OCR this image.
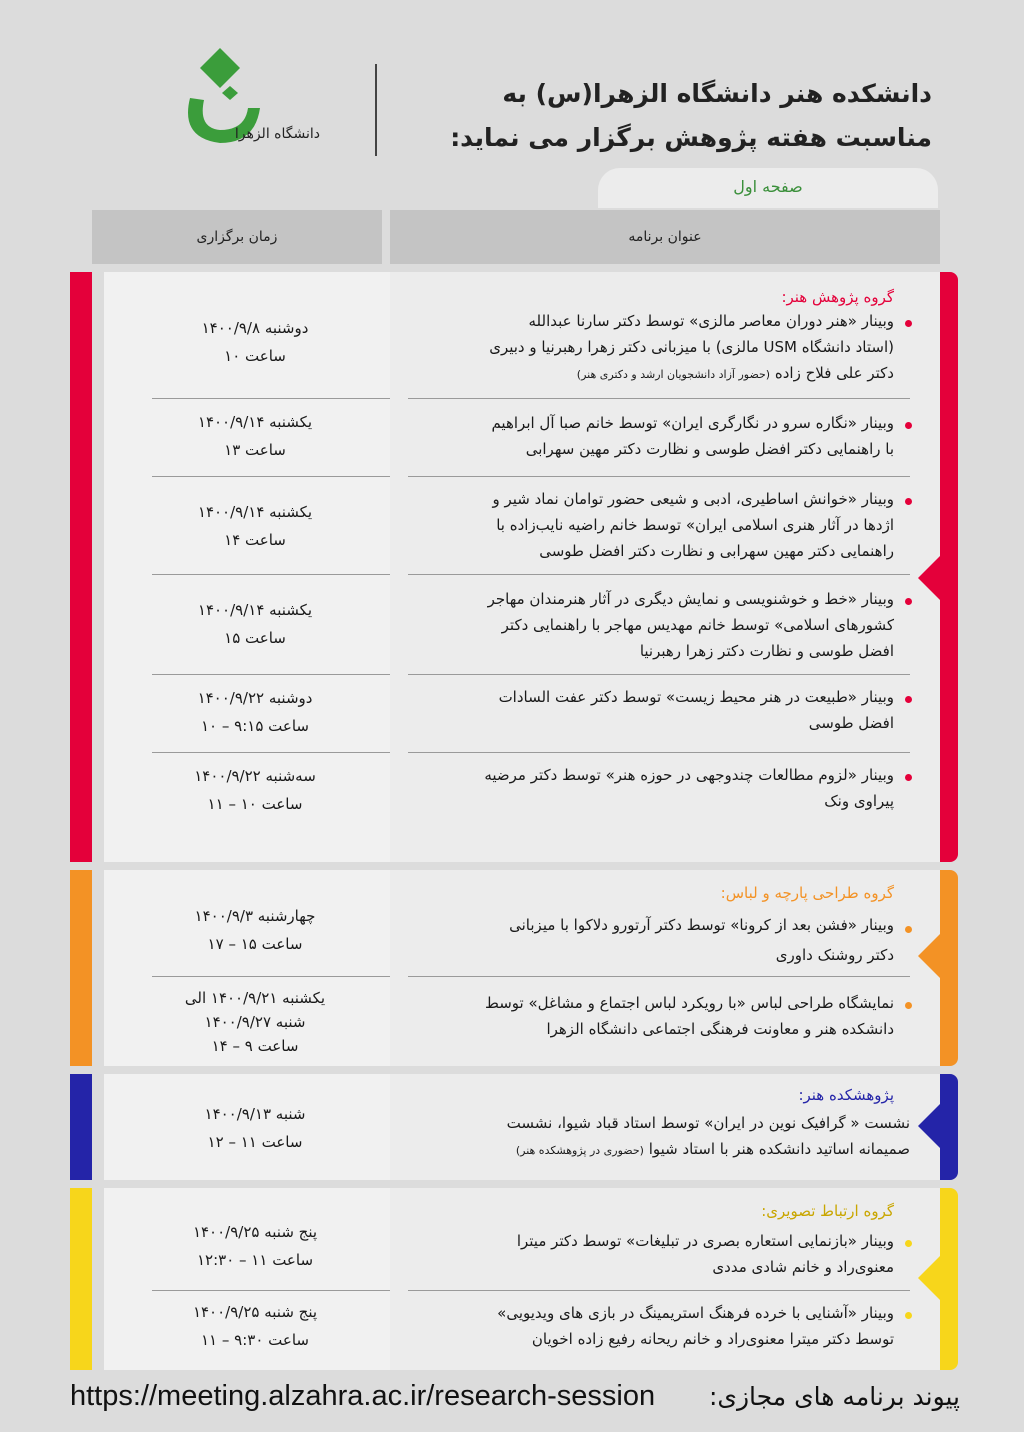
دانشگاه الزهرا
دانشکده هنر دانشگاه الزهرا(س) به
مناسبت هفته پژوهش برگزار می نماید:
صفحه اول
زمان برگزاری	عنوان برنامه
دوشنبه ۱۴۰۰/۹/۸
ساعت ۱۰
یکشنبه ۱۴۰۰/۹/۱۴
ساعت ۱۳
یکشنبه ۱۴۰۰/۹/۱۴
ساعت ۱۴
یکشنبه ۱۴۰۰/۹/۱۴
ساعت ۱۵
دوشنبه ۱۴۰۰/۹/۲۲
ساعت ۹:۱۵ – ۱۰
سه‌شنبه ۱۴۰۰/۹/۲۲
ساعت ۱۰ – ۱۱
گروه پژوهش هنر:
وبینار «هنر دوران معاصر مالزی» توسط دکتر سارنا عبدالله
(استاد دانشگاه USM مالزی) با میزبانی دکتر زهرا رهبرنیا و دبیری
دکتر علی فلاح زاده (حضور آزاد دانشجویان ارشد و دکتری هنر)
وبینار «نگاره سرو در نگارگری ایران» توسط خانم صبا آل ابراهیم
با راهنمایی دکتر افضل طوسی و نظارت دکتر مهین سهرابی
وبینار «خوانش اساطیری، ادبی و شیعی حضور توامان نماد شیر و
اژدها در آثار هنری اسلامی ایران» توسط خانم راضیه نایب‌زاده با
راهنمایی دکتر مهین سهرابی و نظارت دکتر افضل طوسی
وبینار «خط و خوشنویسی و نمایش دیگری در آثار هنرمندان مهاجر
کشورهای اسلامی» توسط خانم مهدیس مهاجر با راهنمایی دکتر
افضل طوسی و نظارت دکتر زهرا رهبرنیا
وبینار «طبیعت در هنر محیط زیست» توسط دکتر عفت السادات
افضل طوسی
وبینار «لزوم مطالعات چندوجهی در حوزه هنر» توسط دکتر مرضیه
پیراوی ونک
چهارشنبه ۱۴۰۰/۹/۳
ساعت ۱۵ – ۱۷
یکشنبه ۱۴۰۰/۹/۲۱ الی
شنبه ۱۴۰۰/۹/۲۷
ساعت ۹ – ۱۴
گروه طراحی پارچه و لباس:
وبینار «فشن بعد از کرونا» توسط دکتر آرتورو دلاکوا با میزبانی
دکتر روشنک داوری
نمایشگاه طراحی لباس «با رویکرد لباس اجتماع و مشاغل» توسط
دانشکده هنر و معاونت فرهنگی اجتماعی دانشگاه الزهرا
شنبه ۱۴۰۰/۹/۱۳
ساعت ۱۱ – ۱۲
پژوهشکده هنر:
نشست « گرافیک نوین در ایران» توسط استاد قباد شیوا، نشست
صمیمانه اساتید دانشکده هنر با استاد شیوا (حضوری در پژوهشکده هنر)
پنج شنبه ۱۴۰۰/۹/۲۵
ساعت ۱۱ – ۱۲:۳۰
پنج شنبه ۱۴۰۰/۹/۲۵
ساعت ۹:۳۰ – ۱۱
گروه ارتباط تصویری:
وبینار «بازنمایی استعاره بصری در تبلیغات» توسط دکتر میترا
معنوی‌راد و خانم شادی مددی
وبینار «آشنایی با خرده فرهنگ استریمینگ در بازی های ویدیویی»
توسط دکتر میترا معنوی‌راد و خانم ریحانه رفیع زاده اخویان
https://meeting.alzahra.ac.ir/research-session پیوند برنامه های مجازی:
